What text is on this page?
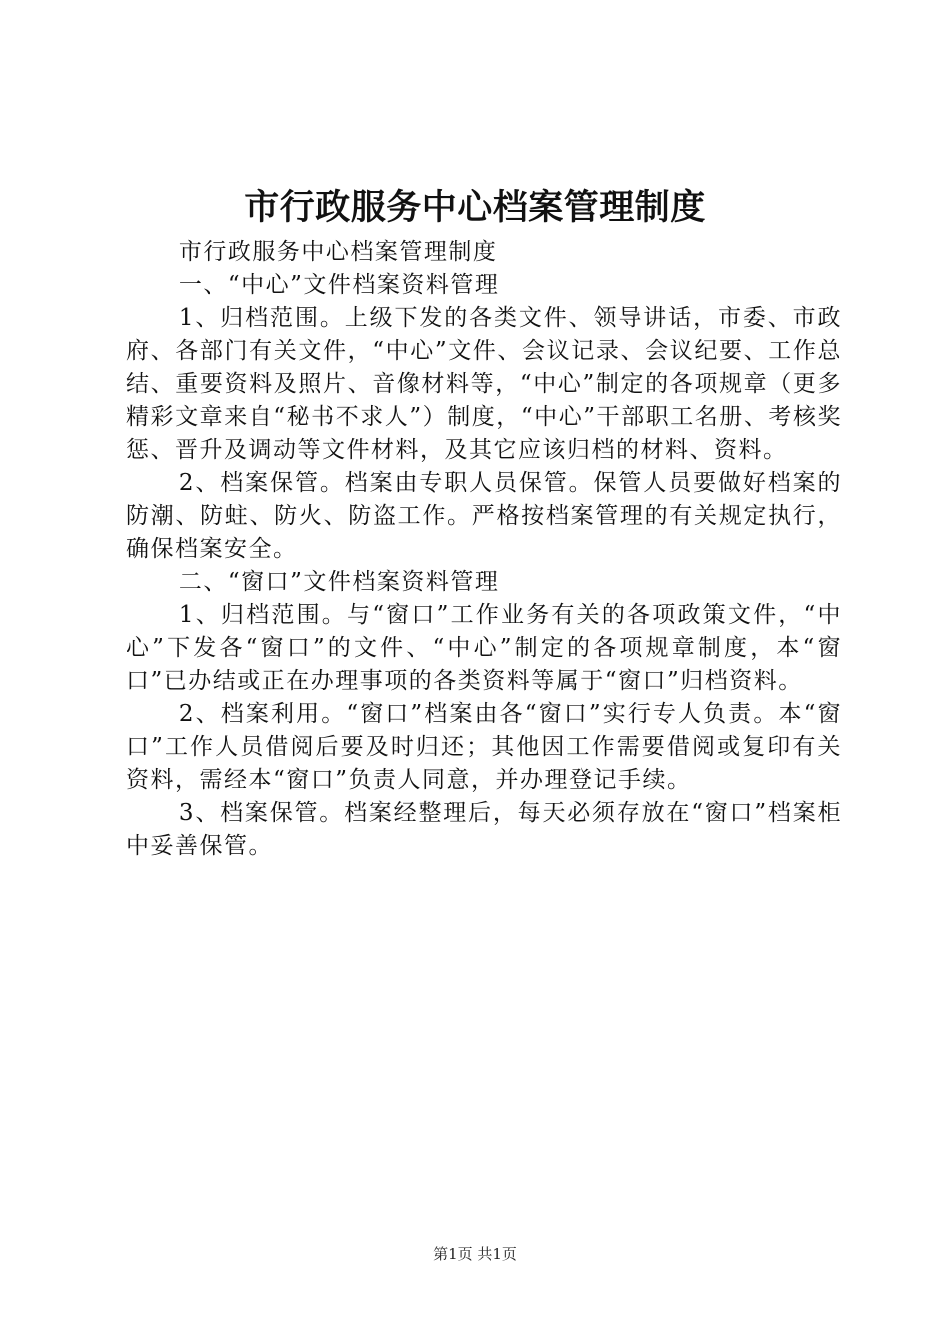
市行政服务中心档案管理制度

市行政服务中心档案管理制度

一、“中心”文件档案资料管理

1、归档范围。上级下发的各类文件、领导讲话，市委、市政府、各部门有关文件，“中心”文件、会议记录、会议纪要、工作总结、重要资料及照片、音像材料等，“中心”制定的各项规章（更多精彩文章来自“秘书不求人”）制度，“中心”干部职工名册、考核奖惩、晋升及调动等文件材料，及其它应该归档的材料、资料。

2、档案保管。档案由专职人员保管。保管人员要做好档案的防潮、防蛀、防火、防盗工作。严格按档案管理的有关规定执行，确保档案安全。

二、“窗口”文件档案资料管理

1、归档范围。与“窗口”工作业务有关的各项政策文件，“中心”下发各“窗口”的文件、“中心”制定的各项规章制度，本“窗口”已办结或正在办理事项的各类资料等属于“窗口”归档资料。

2、档案利用。“窗口”档案由各“窗口”实行专人负责。本“窗口”工作人员借阅后要及时归还；其他因工作需要借阅或复印有关资料，需经本“窗口”负责人同意，并办理登记手续。

3、档案保管。档案经整理后，每天必须存放在“窗口”档案柜中妥善保管。

第1页 共1页
